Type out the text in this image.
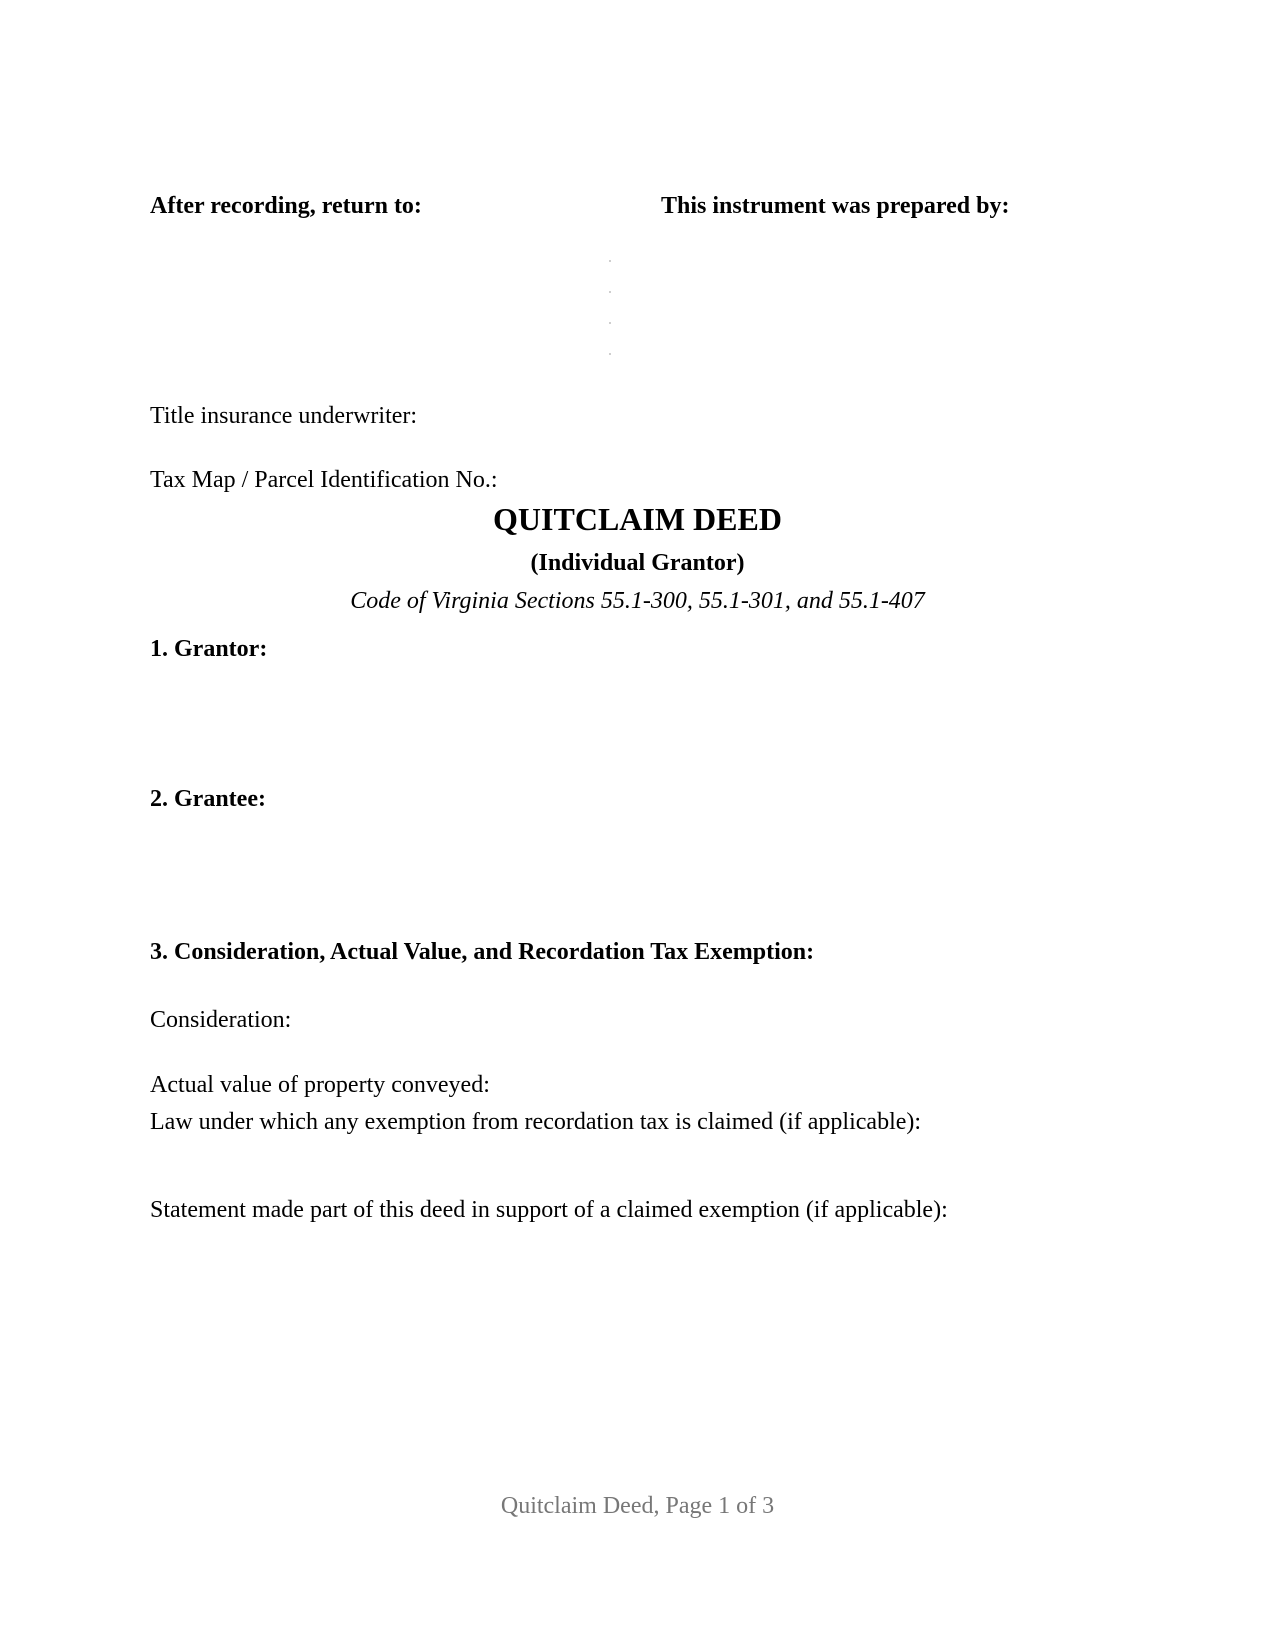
After recording, return to:	This instrument was prepared by:
Title insurance underwriter:
Tax Map / Parcel Identification No.:
QUITCLAIM DEED
(Individual Grantor)
Code of Virginia Sections 55.1-300, 55.1-301, and 55.1-407
1. Grantor:
2. Grantee:
3. Consideration, Actual Value, and Recordation Tax Exemption:
Consideration:
Actual value of property conveyed:
Law under which any exemption from recordation tax is claimed (if applicable):
Statement made part of this deed in support of a claimed exemption (if applicable):
Quitclaim Deed, Page 1 of 3
